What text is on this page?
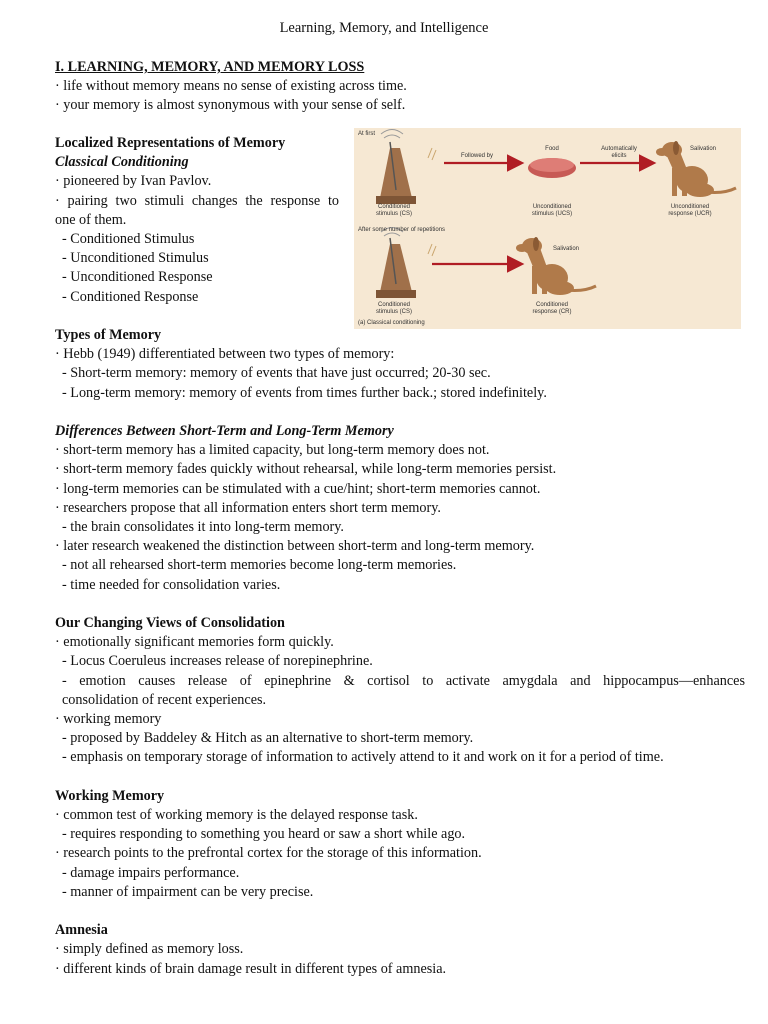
Learning, Memory, and Intelligence

I. LEARNING, MEMORY, AND MEMORY LOSS

· life without memory means no sense of existing across time.

· your memory is almost synonymous with your sense of self.

Localized Representations of Memory

Classical Conditioning

· pioneered by Ivan Pavlov.

· pairing two stimuli changes the response to

one of them.

- Conditioned Stimulus

- Unconditioned Stimulus

- Unconditioned Response

- Conditioned Response

Types of Memory

· Hebb (1949) differentiated between two types of memory:

- Short-term memory: memory of events that have just occurred; 20-30 sec.

- Long-term memory: memory of events from times further back.; stored indefinitely.

Differences Between Short-Term and Long-Term Memory

· short-term memory has a limited capacity, but long-term memory does not.

· short-term memory fades quickly without rehearsal, while long-term memories persist.

· long-term memories can be stimulated with a cue/hint; short-term memories cannot.

· researchers propose that all information enters short term memory.

- the brain consolidates it into long-term memory.

· later research weakened the distinction between short-term and long-term memory.

- not all rehearsed short-term memories become long-term memories.

- time needed for consolidation varies.

Our Changing Views of Consolidation

· emotionally significant memories form quickly.

- Locus Coeruleus increases release of norepinephrine.

- emotion causes release of epinephrine & cortisol to activate amygdala and hippocampus—enhances

consolidation of recent experiences.

· working memory

- proposed by Baddeley & Hitch as an alternative to short-term memory.

- emphasis on temporary storage of information to actively attend to it and work on it for a period of time.

Working Memory

· common test of working memory is the delayed response task.

- requires responding to something you heard or saw a short while ago.

· research points to the prefrontal cortex for the storage of this information.

- damage impairs performance.

- manner of impairment can be very precise.

Amnesia

· simply defined as memory loss.

· different kinds of brain damage result in different types of amnesia.

At first
Followed by
Food	Automatically elicits
Salivation
Conditioned stimulus (CS)
Unconditioned stimulus (UCS)
Unconditioned response (UCR)
After some number of repetitions
Salivation
Conditioned stimulus (CS)
Conditioned response (CR)
(a) Classical conditioning
